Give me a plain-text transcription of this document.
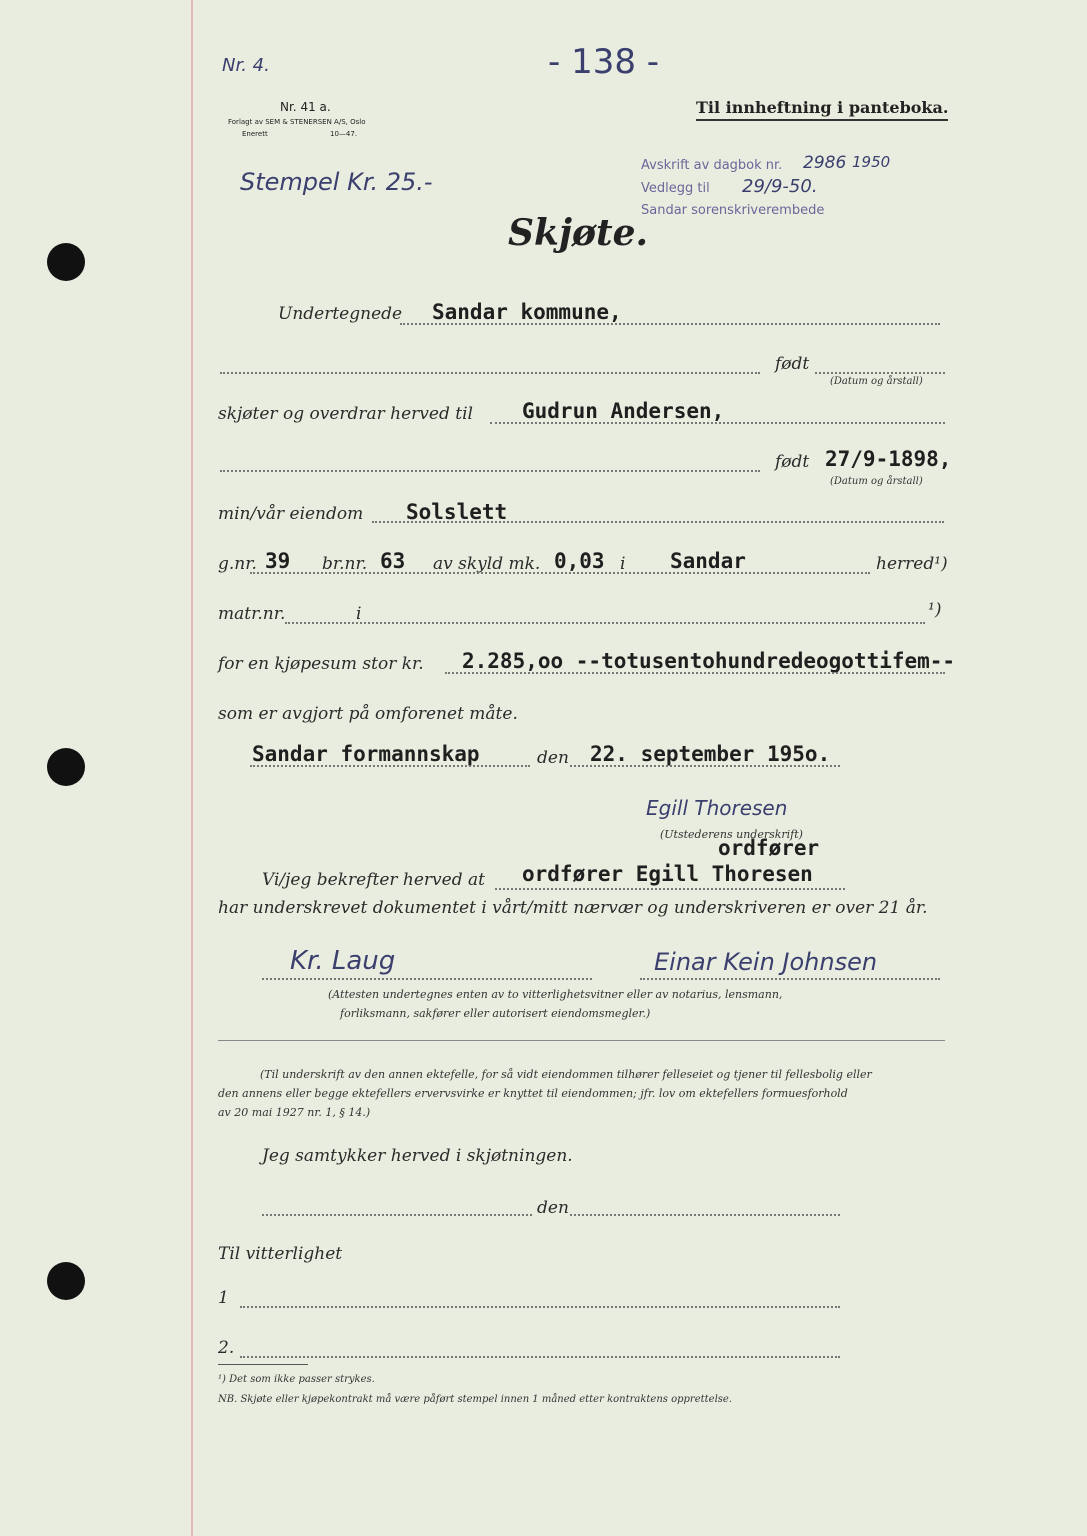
Nr. 4.	- 138 -
Nr. 41 a.
Forlagt av SEM & STENERSEN A/S, Oslo
Enerett	10—47.
Til innheftning i panteboka.
Stempel Kr. 25.-
Avskrift av dagbok nr. 2986 1950
Vedlegg til 29/9-50.
Sandar sorenskriverembede
Skjøte.
Undertegnede Sandar kommune,
født
(Datum og årstall)
skjøter og overdrar herved til Gudrun Andersen,
født 27/9-1898,
(Datum og årstall)
min/vår eiendom Solslett
g.nr. 39 br.nr. 63 av skyld mk. 0,03 i Sandar	herred¹)
matr.nr.	i	¹)
for en kjøpesum stor kr. 2.285,oo --totusentohundredeogottifem--
som er avgjort på omforenet måte.
Sandar formannskap	den 22. september 195o.
Egill Thoresen
(Utstederens underskrift)
ordfører
Vi/jeg bekrefter herved at ordfører Egill Thoresen
har underskrevet dokumentet i vårt/mitt nærvær og underskriveren er over 21 år.
Kr. Laug	Einar Kein Johnsen
(Attesten undertegnes enten av to vitterlighetsvitner eller av notarius, lensmann,
forliksmann, sakfører eller autorisert eiendomsmegler.)
(Til underskrift av den annen ektefelle, for så vidt eiendommen tilhører felleseiet og tjener til fellesbolig eller
den annens eller begge ektefellers ervervsvirke er knyttet til eiendommen; jfr. lov om ektefellers formuesforhold
av 20 mai 1927 nr. 1, § 14.)
Jeg samtykker herved i skjøtningen.
den
Til vitterlighet
1
2.
¹) Det som ikke passer strykes.
NB. Skjøte eller kjøpekontrakt må være påført stempel innen 1 måned etter kontraktens opprettelse.
